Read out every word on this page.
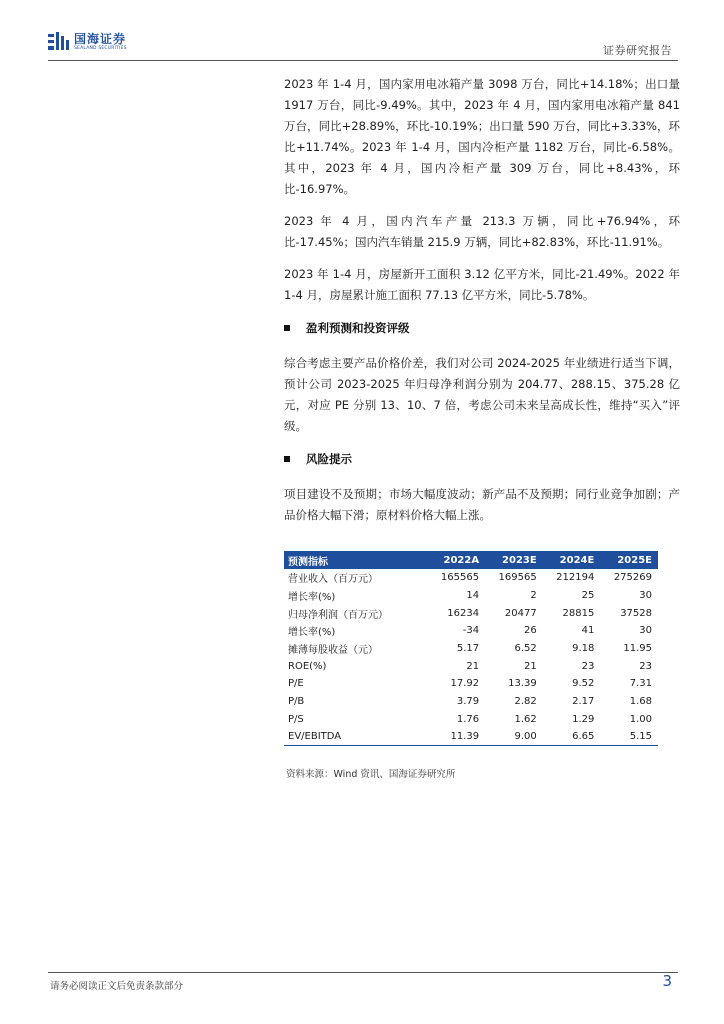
国海证券
SEALAND SECURITIES	证券研究报告

2023 年 1-4 月，国内家用电冰箱产量 3098 万台，同比+14.18%；出口量 1917 万台，同比-9.49%。其中，2023 年 4 月，国内家用电冰箱产量 841 万台，同比+28.89%，环比-10.19%；出口量 590 万台，同比+3.33%，环比+11.74%。2023 年 1-4 月，国内冷柜产量 1182 万台，同比-6.58%。其中，2023 年 4 月，国内冷柜产量 309 万台，同比+8.43%，环比-16.97%。

2023 年 4 月，国内汽车产量 213.3 万辆，同比+76.94%，环比-17.45%；国内汽车销量 215.9 万辆，同比+82.83%，环比-11.91%。

2023 年 1-4 月，房屋新开工面积 3.12 亿平方米，同比-21.49%。2022 年 1-4 月，房屋累计施工面积 77.13 亿平方米，同比-5.78%。

盈利预测和投资评级

综合考虑主要产品价格价差，我们对公司 2024-2025 年业绩进行适当下调，预计公司 2023-2025 年归母净利润分别为 204.77、288.15、375.28 亿元，对应 PE 分别 13、10、7 倍，考虑公司未来呈高成长性，维持“买入”评级。

风险提示

项目建设不及预期；市场大幅度波动；新产品不及预期；同行业竞争加剧；产品价格大幅下滑；原材料价格大幅上涨。

预测指标	2022A	2023E	2024E	2025E
营业收入（百万元）	165565	169565	212194	275269
增长率(%)	14	2	25	30
归母净利润（百万元）	16234	20477	28815	37528
增长率(%)	-34	26	41	30
摊薄每股收益（元）	5.17	6.52	9.18	11.95
ROE(%)	21	21	23	23
P/E	17.92	13.39	9.52	7.31
P/B	3.79	2.82	2.17	1.68
P/S	1.76	1.62	1.29	1.00
EV/EBITDA	11.39	9.00	6.65	5.15
资料来源：Wind 资讯、国海证券研究所
请务必阅读正文后免责条款部分	3
